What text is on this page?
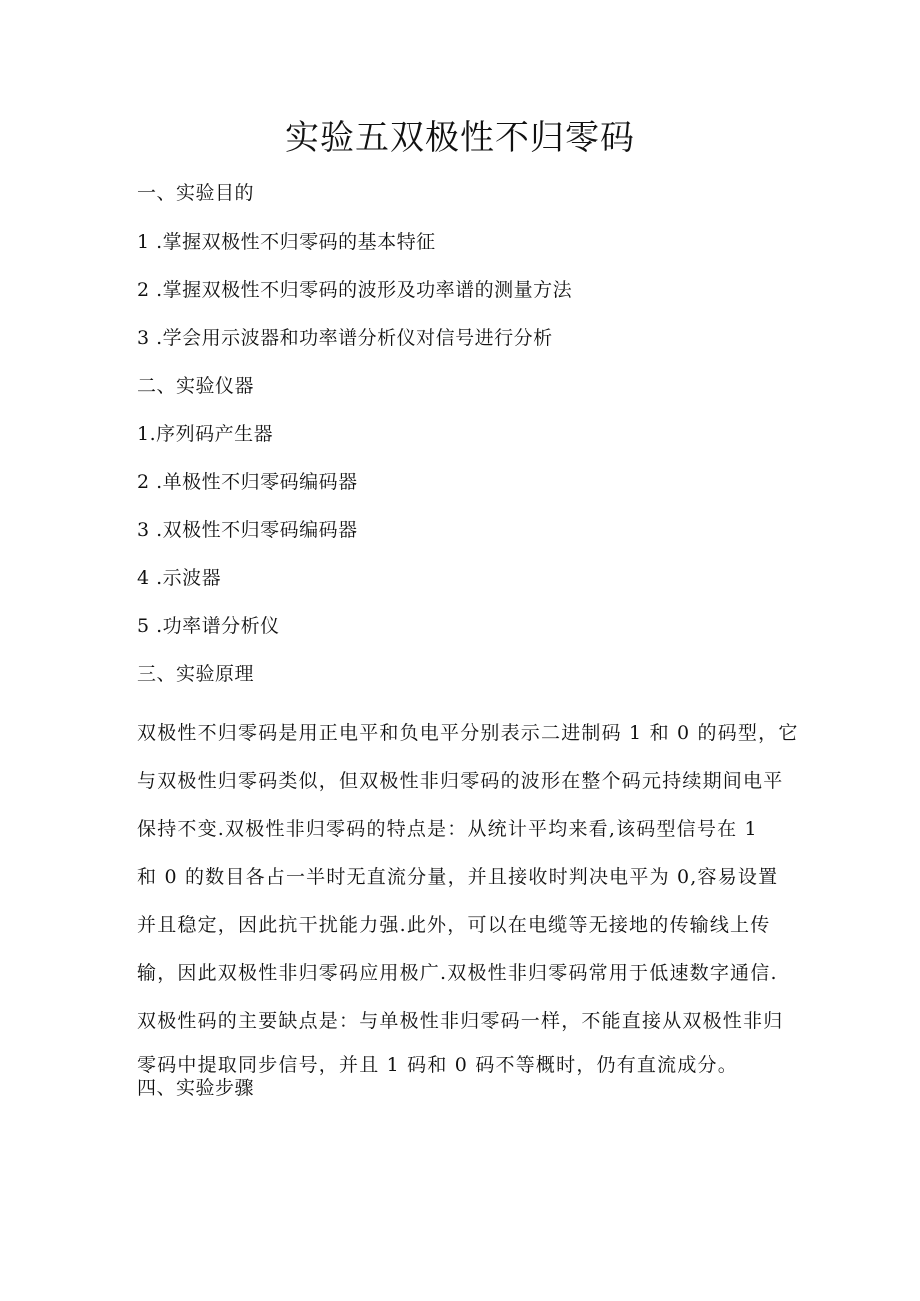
实验五双极性不归零码
一、实验目的
1 .掌握双极性不归零码的基本特征
2 .掌握双极性不归零码的波形及功率谱的测量方法
3 .学会用示波器和功率谱分析仪对信号进行分析
二、实验仪器
1.序列码产生器
2 .单极性不归零码编码器
3 .双极性不归零码编码器
4 .示波器
5 .功率谱分析仪
三、实验原理
双极性不归零码是用正电平和负电平分别表示二进制码 1 和 0 的码型，它
与双极性归零码类似，但双极性非归零码的波形在整个码元持续期间电平
保持不变.双极性非归零码的特点是：从统计平均来看,该码型信号在 1
和 0 的数目各占一半时无直流分量，并且接收时判决电平为 0,容易设置
并且稳定，因此抗干扰能力强.此外，可以在电缆等无接地的传输线上传
输，因此双极性非归零码应用极广.双极性非归零码常用于低速数字通信.
双极性码的主要缺点是：与单极性非归零码一样，不能直接从双极性非归
零码中提取同步信号，并且 1 码和 0 码不等概时，仍有直流成分。
四、实验步骤
